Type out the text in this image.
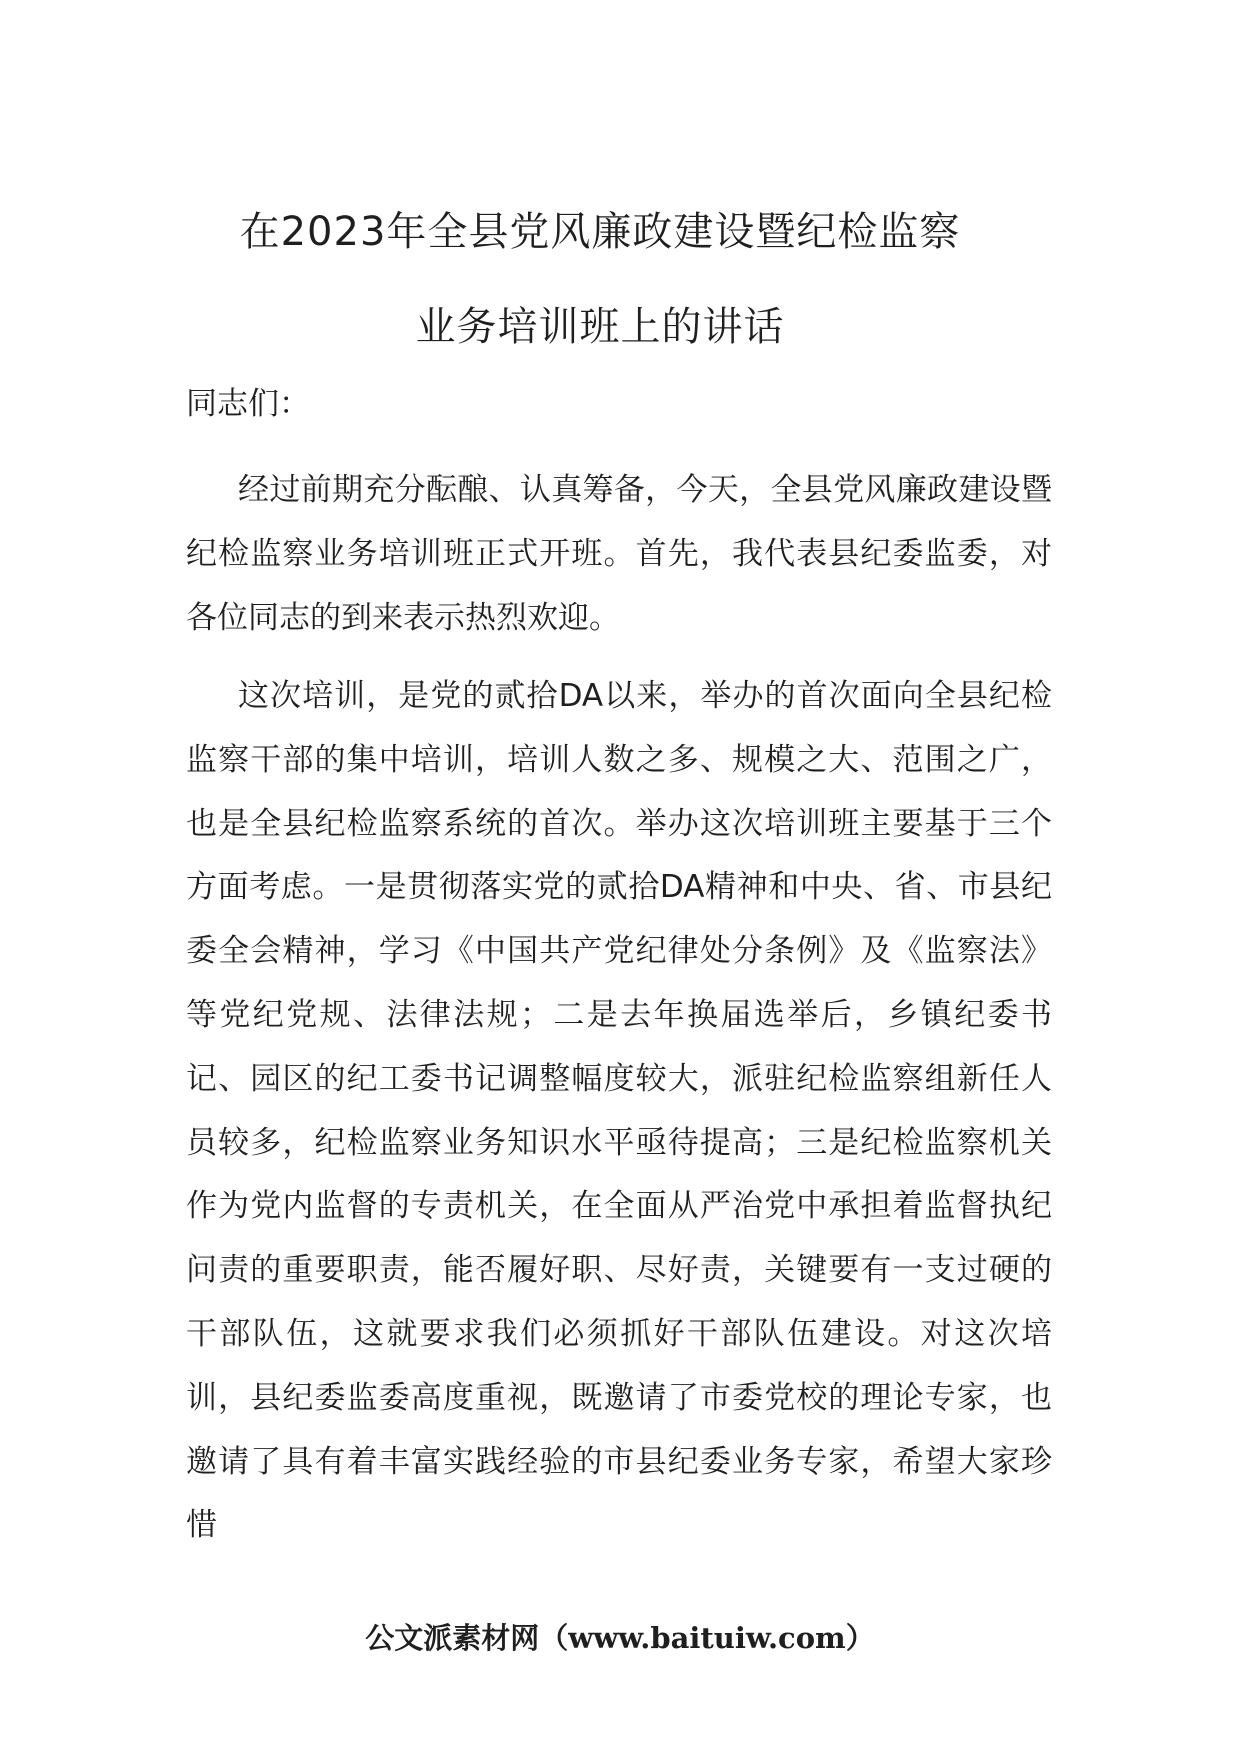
在2023年全县党风廉政建设暨纪检监察
业务培训班上的讲话

同志们：

经过前期充分酝酿、认真筹备，今天，全县党风廉政建设暨纪检监察业务培训班正式开班。首先，我代表县纪委监委，对各位同志的到来表示热烈欢迎。

这次培训，是党的贰拾DA以来，举办的首次面向全县纪检监察干部的集中培训，培训人数之多、规模之大、范围之广，也是全县纪检监察系统的首次。举办这次培训班主要基于三个方面考虑。一是贯彻落实党的贰拾DA精神和中央、省、市县纪委全会精神，学习《中国共产党纪律处分条例》及《监察法》等党纪党规、法律法规；二是去年换届选举后，乡镇纪委书记、园区的纪工委书记调整幅度较大，派驻纪检监察组新任人员较多，纪检监察业务知识水平亟待提高；三是纪检监察机关作为党内监督的专责机关，在全面从严治党中承担着监督执纪问责的重要职责，能否履好职、尽好责，关键要有一支过硬的干部队伍，这就要求我们必须抓好干部队伍建设。对这次培训，县纪委监委高度重视，既邀请了市委党校的理论专家，也邀请了具有着丰富实践经验的市县纪委业务专家，希望大家珍惜

公文派素材网（www.baituiw.com）
